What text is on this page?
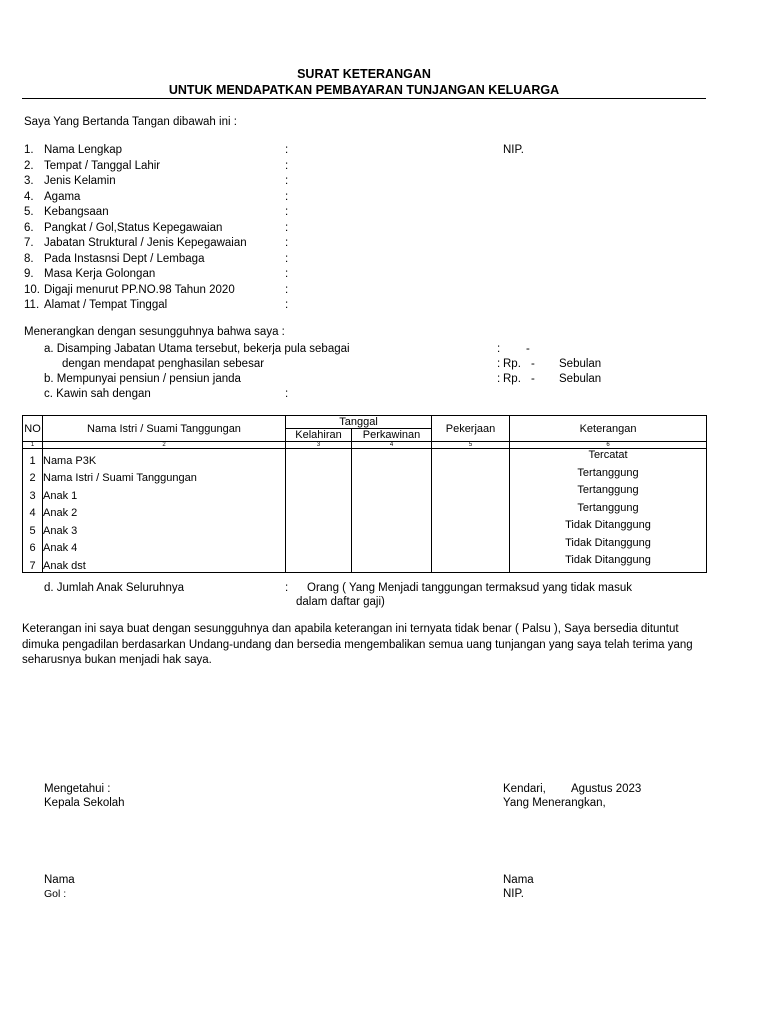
SURAT KETERANGAN
UNTUK MENDAPATKAN PEMBAYARAN TUNJANGAN KELUARGA
Saya Yang Bertanda Tangan dibawah ini :
1. Nama Lengkap	:
2. Tempat / Tanggal Lahir	:
3. Jenis Kelamin	:
4. Agama	:
5. Kebangsaan	:
6. Pangkat / Gol,Status Kepegawaian	:
7. Jabatan Struktural / Jenis Kepegawaian	:
8. Pada Instasnsi Dept / Lembaga	:
9. Masa Kerja Golongan	:
10. Digaji menurut PP.NO.98 Tahun 2020	:
11. Alamat / Tempat Tinggal	:
NIP.
Menerangkan dengan sesungguhnya bahwa saya :
a. Disamping Jabatan Utama tersebut, bekerja pula sebagai	: -
dengan mendapat penghasilan sebesar	: Rp. - Sebulan
b. Mempunyai pensiun / pensiun janda	: Rp. - Sebulan
c. Kawin sah dengan	:
NO	Nama Istri / Suami Tanggungan	Tanggal		Pekerjaan	Keterangan
		Kelahiran	Perkawinan		
1	2	3	4	5	6
1	Nama P3K				Tercatat
2	Nama Istri / Suami Tanggungan				Tertanggung
3	Anak 1				Tertanggung
4	Anak 2				Tertanggung
5	Anak 3				Tidak Ditanggung
6	Anak 4				Tidak Ditanggung
7	Anak dst				Tidak Ditanggung
d. Jumlah Anak Seluruhnya	: Orang ( Yang Menjadi tanggungan termaksud yang tidak masuk
dalam daftar gaji)
Keterangan ini saya buat dengan sesungguhnya dan apabila keterangan ini ternyata tidak benar ( Palsu ), Saya bersedia dituntut dimuka pengadilan berdasarkan Undang-undang dan bersedia mengembalikan semua uang tunjangan yang saya telah terima yang seharusnya bukan menjadi hak saya.
Mengetahui :
Kepala Sekolah
Nama
Gol :
Kendari, Agustus 2023
Yang Menerangkan,
Nama
NIP.
